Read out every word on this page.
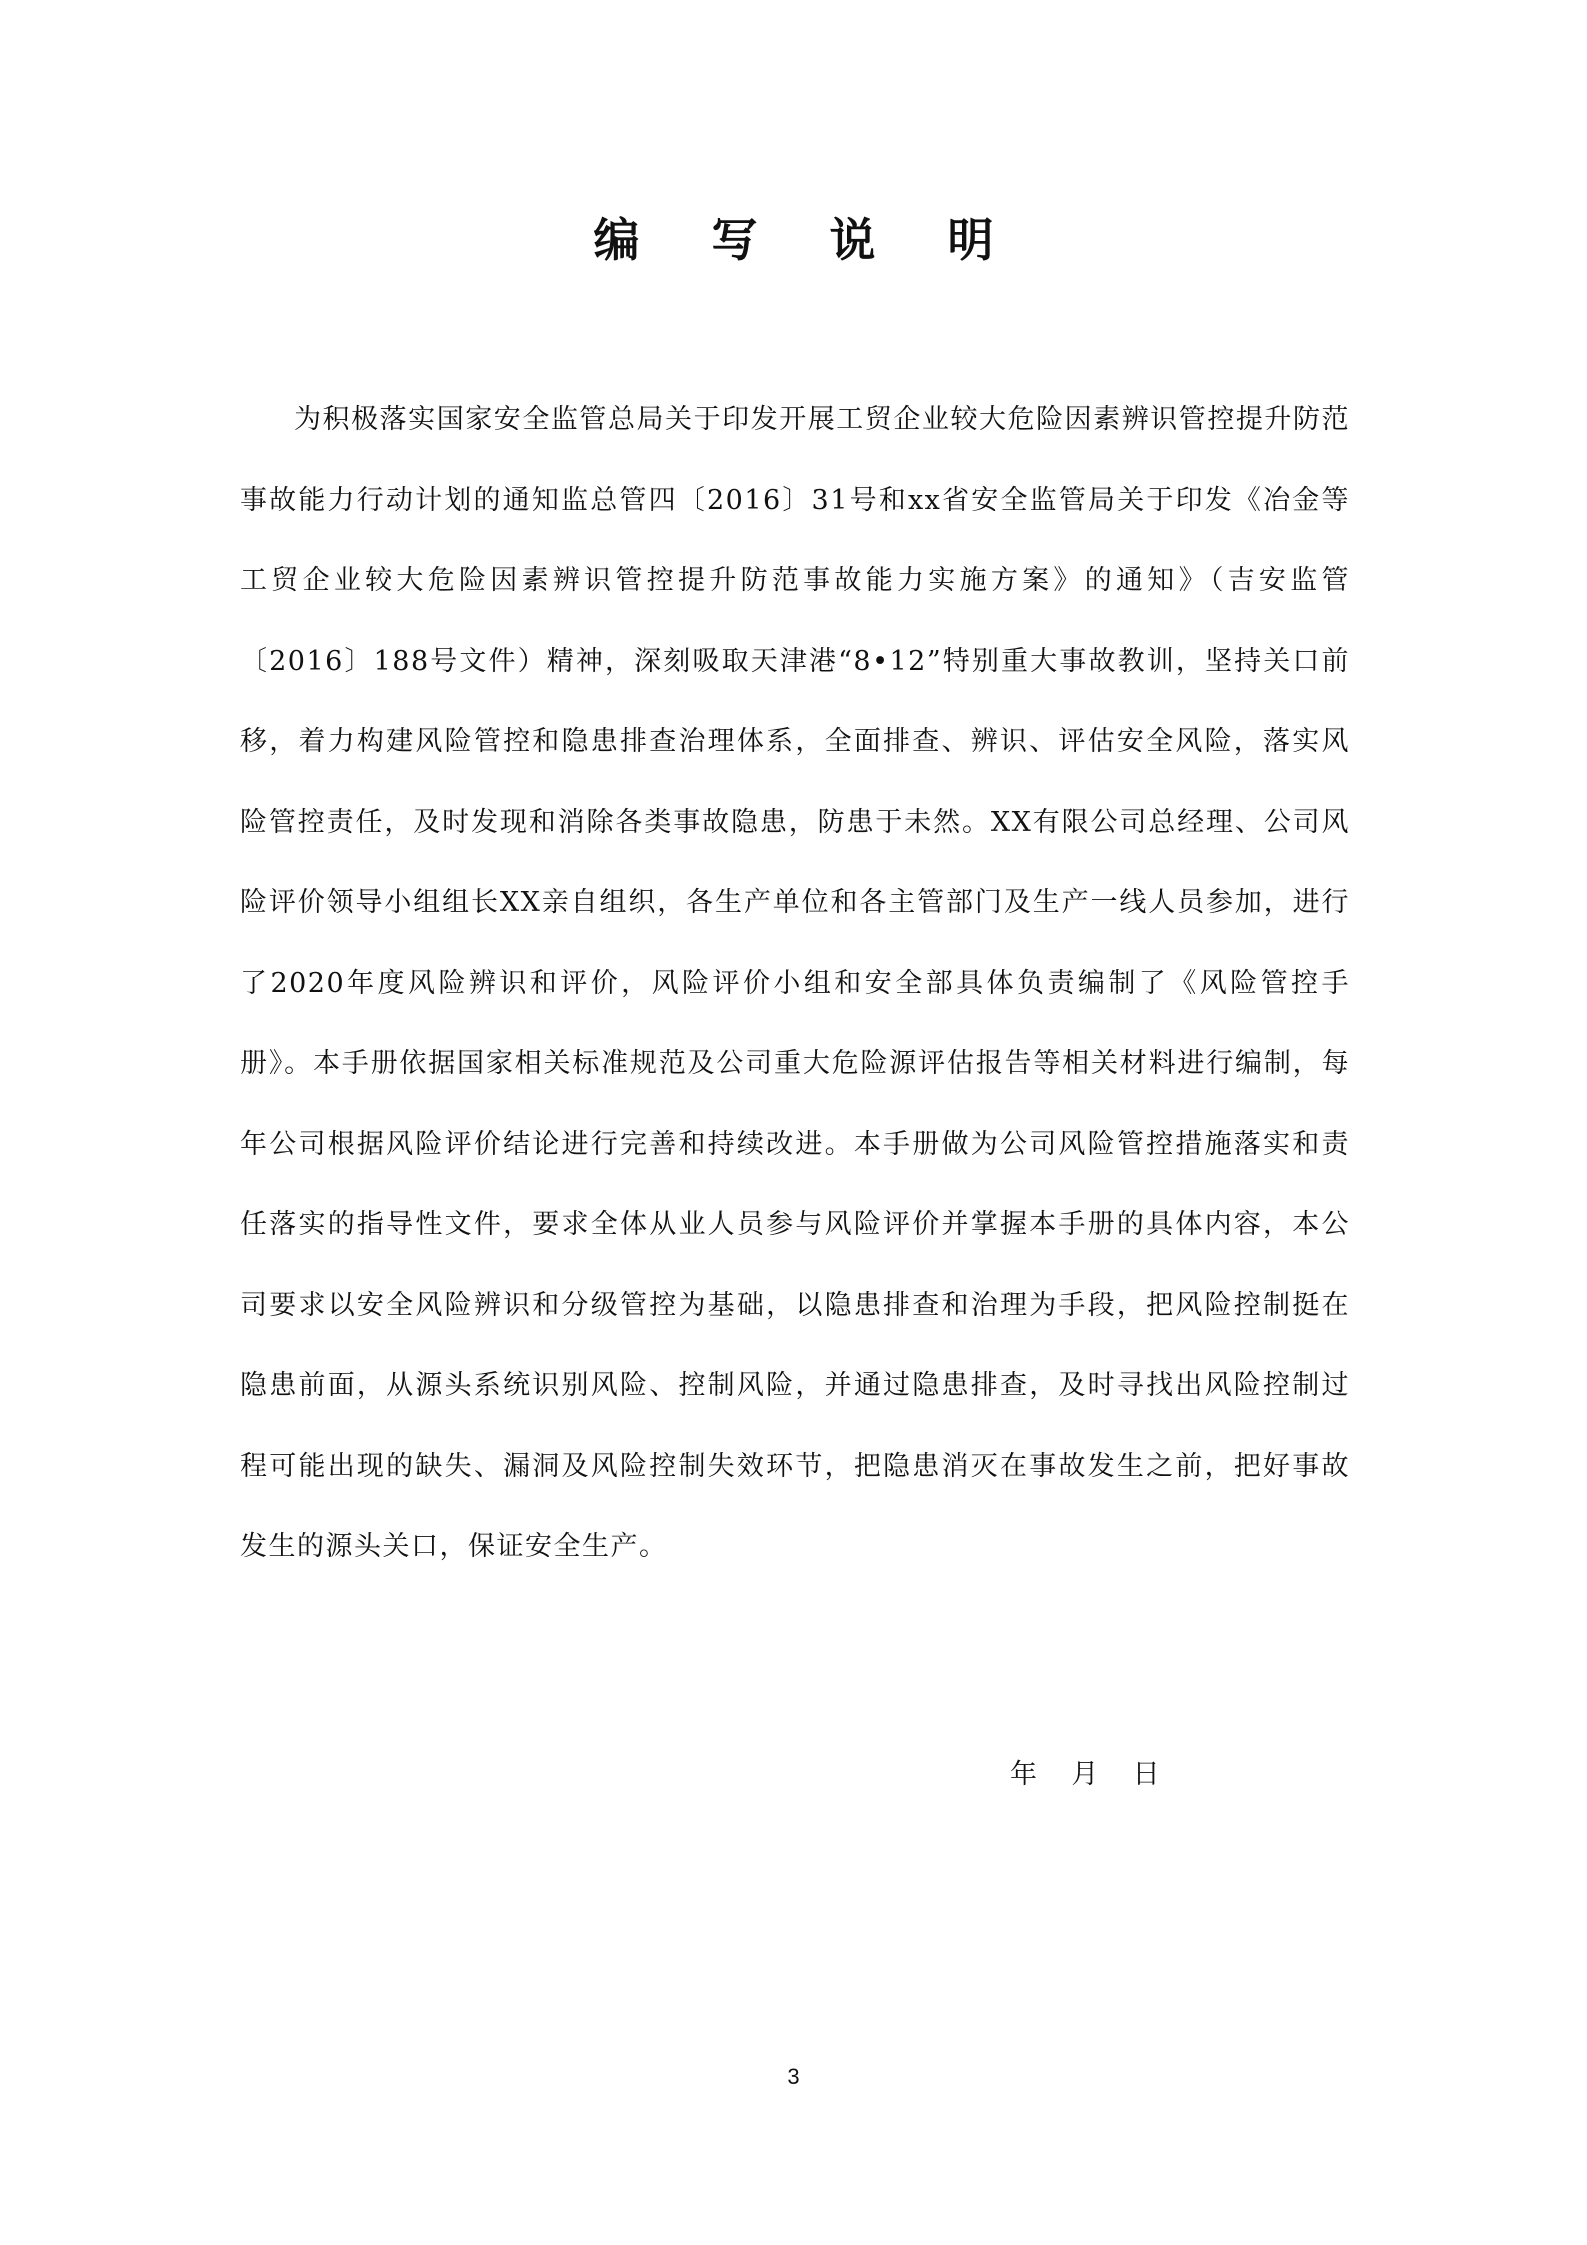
编 写 说 明

为积极落实国家安全监管总局关于印发开展工贸企业较大危险因素辨识管控提升防范事故能力行动计划的通知监总管四〔2016〕31号和xx省安全监管局关于印发《冶金等工贸企业较大危险因素辨识管控提升防范事故能力实施方案》的通知》（吉安监管〔2016〕188号文件）精神，深刻吸取天津港“8•12”特别重大事故教训，坚持关口前移，着力构建风险管控和隐患排查治理体系，全面排查、辨识、评估安全风险，落实风险管控责任，及时发现和消除各类事故隐患，防患于未然。XX有限公司总经理、公司风险评价领导小组组长XX亲自组织，各生产单位和各主管部门及生产一线人员参加，进行了2020年度风险辨识和评价，风险评价小组和安全部具体负责编制了《风险管控手册》。本手册依据国家相关标准规范及公司重大危险源评估报告等相关材料进行编制，每年公司根据风险评价结论进行完善和持续改进。本手册做为公司风险管控措施落实和责任落实的指导性文件，要求全体从业人员参与风险评价并掌握本手册的具体内容，本公司要求以安全风险辨识和分级管控为基础，以隐患排查和治理为手段，把风险控制挺在隐患前面，从源头系统识别风险、控制风险，并通过隐患排查，及时寻找出风险控制过程可能出现的缺失、漏洞及风险控制失效环节，把隐患消灭在事故发生之前，把好事故发生的源头关口，保证安全生产。

年    月    日
3
